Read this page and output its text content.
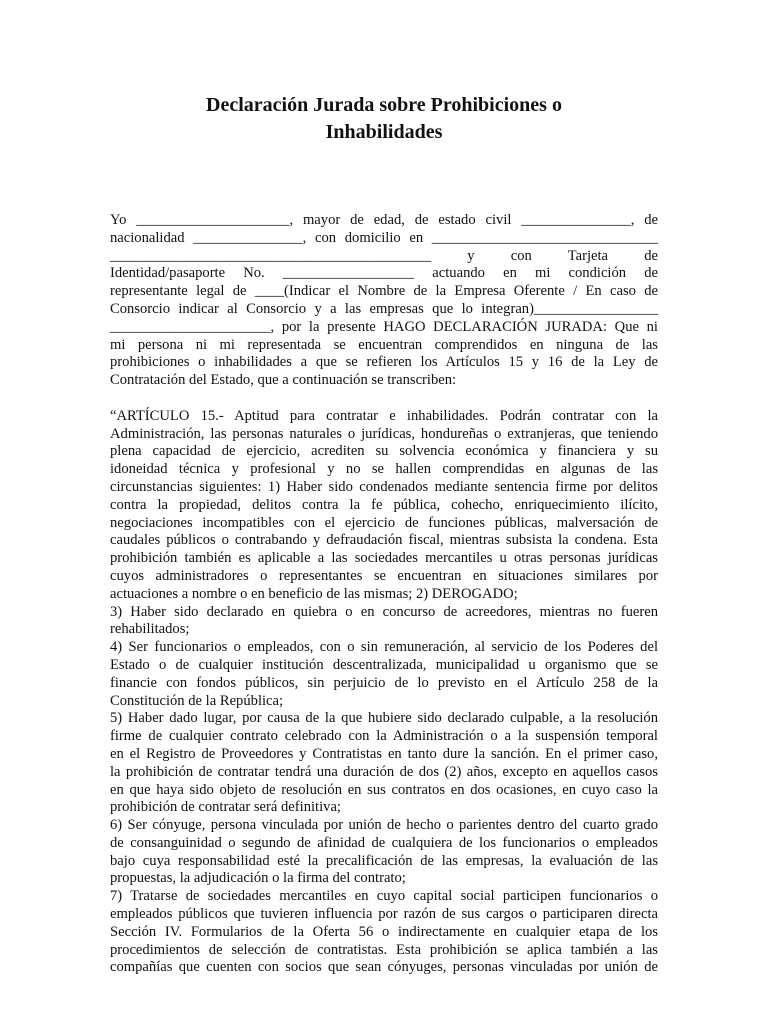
Declaración Jurada sobre Prohibiciones o
Inhabilidades
Yo _____________________, mayor de edad, de estado civil _______________, de
nacionalidad _______________, con domicilio en _______________________________
____________________________________________ y con Tarjeta de
Identidad/pasaporte No. __________________ actuando en mi condición de
representante legal de ____(Indicar el Nombre de la Empresa Oferente / En caso de
Consorcio indicar al Consorcio y a las empresas que lo integran)_________________
______________________, por la presente HAGO DECLARACIÓN JURADA: Que ni
mi persona ni mi representada se encuentran comprendidos en ninguna de las
prohibiciones o inhabilidades a que se refieren los Artículos 15 y 16 de la Ley de
Contratación del Estado, que a continuación se transcriben:
“ARTÍCULO 15.- Aptitud para contratar e inhabilidades. Podrán contratar con la
Administración, las personas naturales o jurídicas, hondureñas o extranjeras, que teniendo
plena capacidad de ejercicio, acrediten su solvencia económica y financiera y su
idoneidad técnica y profesional y no se hallen comprendidas en algunas de las
circunstancias siguientes: 1) Haber sido condenados mediante sentencia firme por delitos
contra la propiedad, delitos contra la fe pública, cohecho, enriquecimiento ilícito,
negociaciones incompatibles con el ejercicio de funciones públicas, malversación de
caudales públicos o contrabando y defraudación fiscal, mientras subsista la condena. Esta
prohibición también es aplicable a las sociedades mercantiles u otras personas jurídicas
cuyos administradores o representantes se encuentran en situaciones similares por
actuaciones a nombre o en beneficio de las mismas; 2) DEROGADO;
3) Haber sido declarado en quiebra o en concurso de acreedores, mientras no fueren
rehabilitados;
4) Ser funcionarios o empleados, con o sin remuneración, al servicio de los Poderes del
Estado o de cualquier institución descentralizada, municipalidad u organismo que se
financie con fondos públicos, sin perjuicio de lo previsto en el Artículo 258 de la
Constitución de la República;
5) Haber dado lugar, por causa de la que hubiere sido declarado culpable, a la resolución
firme de cualquier contrato celebrado con la Administración o a la suspensión temporal
en el Registro de Proveedores y Contratistas en tanto dure la sanción. En el primer caso,
la prohibición de contratar tendrá una duración de dos (2) años, excepto en aquellos casos
en que haya sido objeto de resolución en sus contratos en dos ocasiones, en cuyo caso la
prohibición de contratar será definitiva;
6) Ser cónyuge, persona vinculada por unión de hecho o parientes dentro del cuarto grado
de consanguinidad o segundo de afinidad de cualquiera de los funcionarios o empleados
bajo cuya responsabilidad esté la precalificación de las empresas, la evaluación de las
propuestas, la adjudicación o la firma del contrato;
7) Tratarse de sociedades mercantiles en cuyo capital social participen funcionarios o
empleados públicos que tuvieren influencia por razón de sus cargos o participaren directa
Sección IV. Formularios de la Oferta 56 o indirectamente en cualquier etapa de los
procedimientos de selección de contratistas. Esta prohibición se aplica también a las
compañías que cuenten con socios que sean cónyuges, personas vinculadas por unión de
